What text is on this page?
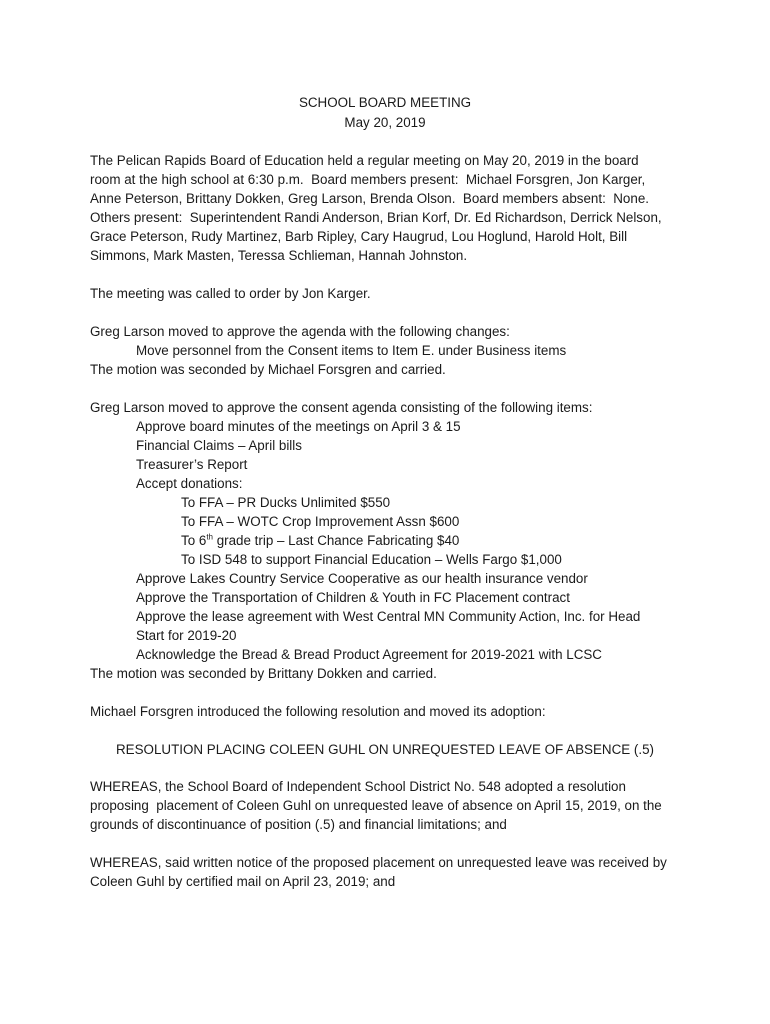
SCHOOL BOARD MEETING
May 20, 2019
The Pelican Rapids Board of Education held a regular meeting on May 20, 2019 in the board
room at the high school at 6:30 p.m.  Board members present:  Michael Forsgren, Jon Karger,
Anne Peterson, Brittany Dokken, Greg Larson, Brenda Olson.  Board members absent:  None.
Others present:  Superintendent Randi Anderson, Brian Korf, Dr. Ed Richardson, Derrick Nelson,
Grace Peterson, Rudy Martinez, Barb Ripley, Cary Haugrud, Lou Hoglund, Harold Holt, Bill
Simmons, Mark Masten, Teressa Schlieman, Hannah Johnston.
The meeting was called to order by Jon Karger.
Greg Larson moved to approve the agenda with the following changes:
Move personnel from the Consent items to Item E. under Business items
The motion was seconded by Michael Forsgren and carried.
Greg Larson moved to approve the consent agenda consisting of the following items:
Approve board minutes of the meetings on April 3 & 15
Financial Claims – April bills
Treasurer’s Report
Accept donations:
To FFA – PR Ducks Unlimited $550
To FFA – WOTC Crop Improvement Assn $600
To 6th grade trip – Last Chance Fabricating $40
To ISD 548 to support Financial Education – Wells Fargo $1,000
Approve Lakes Country Service Cooperative as our health insurance vendor
Approve the Transportation of Children & Youth in FC Placement contract
Approve the lease agreement with West Central MN Community Action, Inc. for Head
Start for 2019-20
Acknowledge the Bread & Bread Product Agreement for 2019-2021 with LCSC
The motion was seconded by Brittany Dokken and carried.
Michael Forsgren introduced the following resolution and moved its adoption:
RESOLUTION PLACING COLEEN GUHL ON UNREQUESTED LEAVE OF ABSENCE (.5)
WHEREAS, the School Board of Independent School District No. 548 adopted a resolution
proposing  placement of Coleen Guhl on unrequested leave of absence on April 15, 2019, on the
grounds of discontinuance of position (.5) and financial limitations; and
WHEREAS, said written notice of the proposed placement on unrequested leave was received by
Coleen Guhl by certified mail on April 23, 2019; and
